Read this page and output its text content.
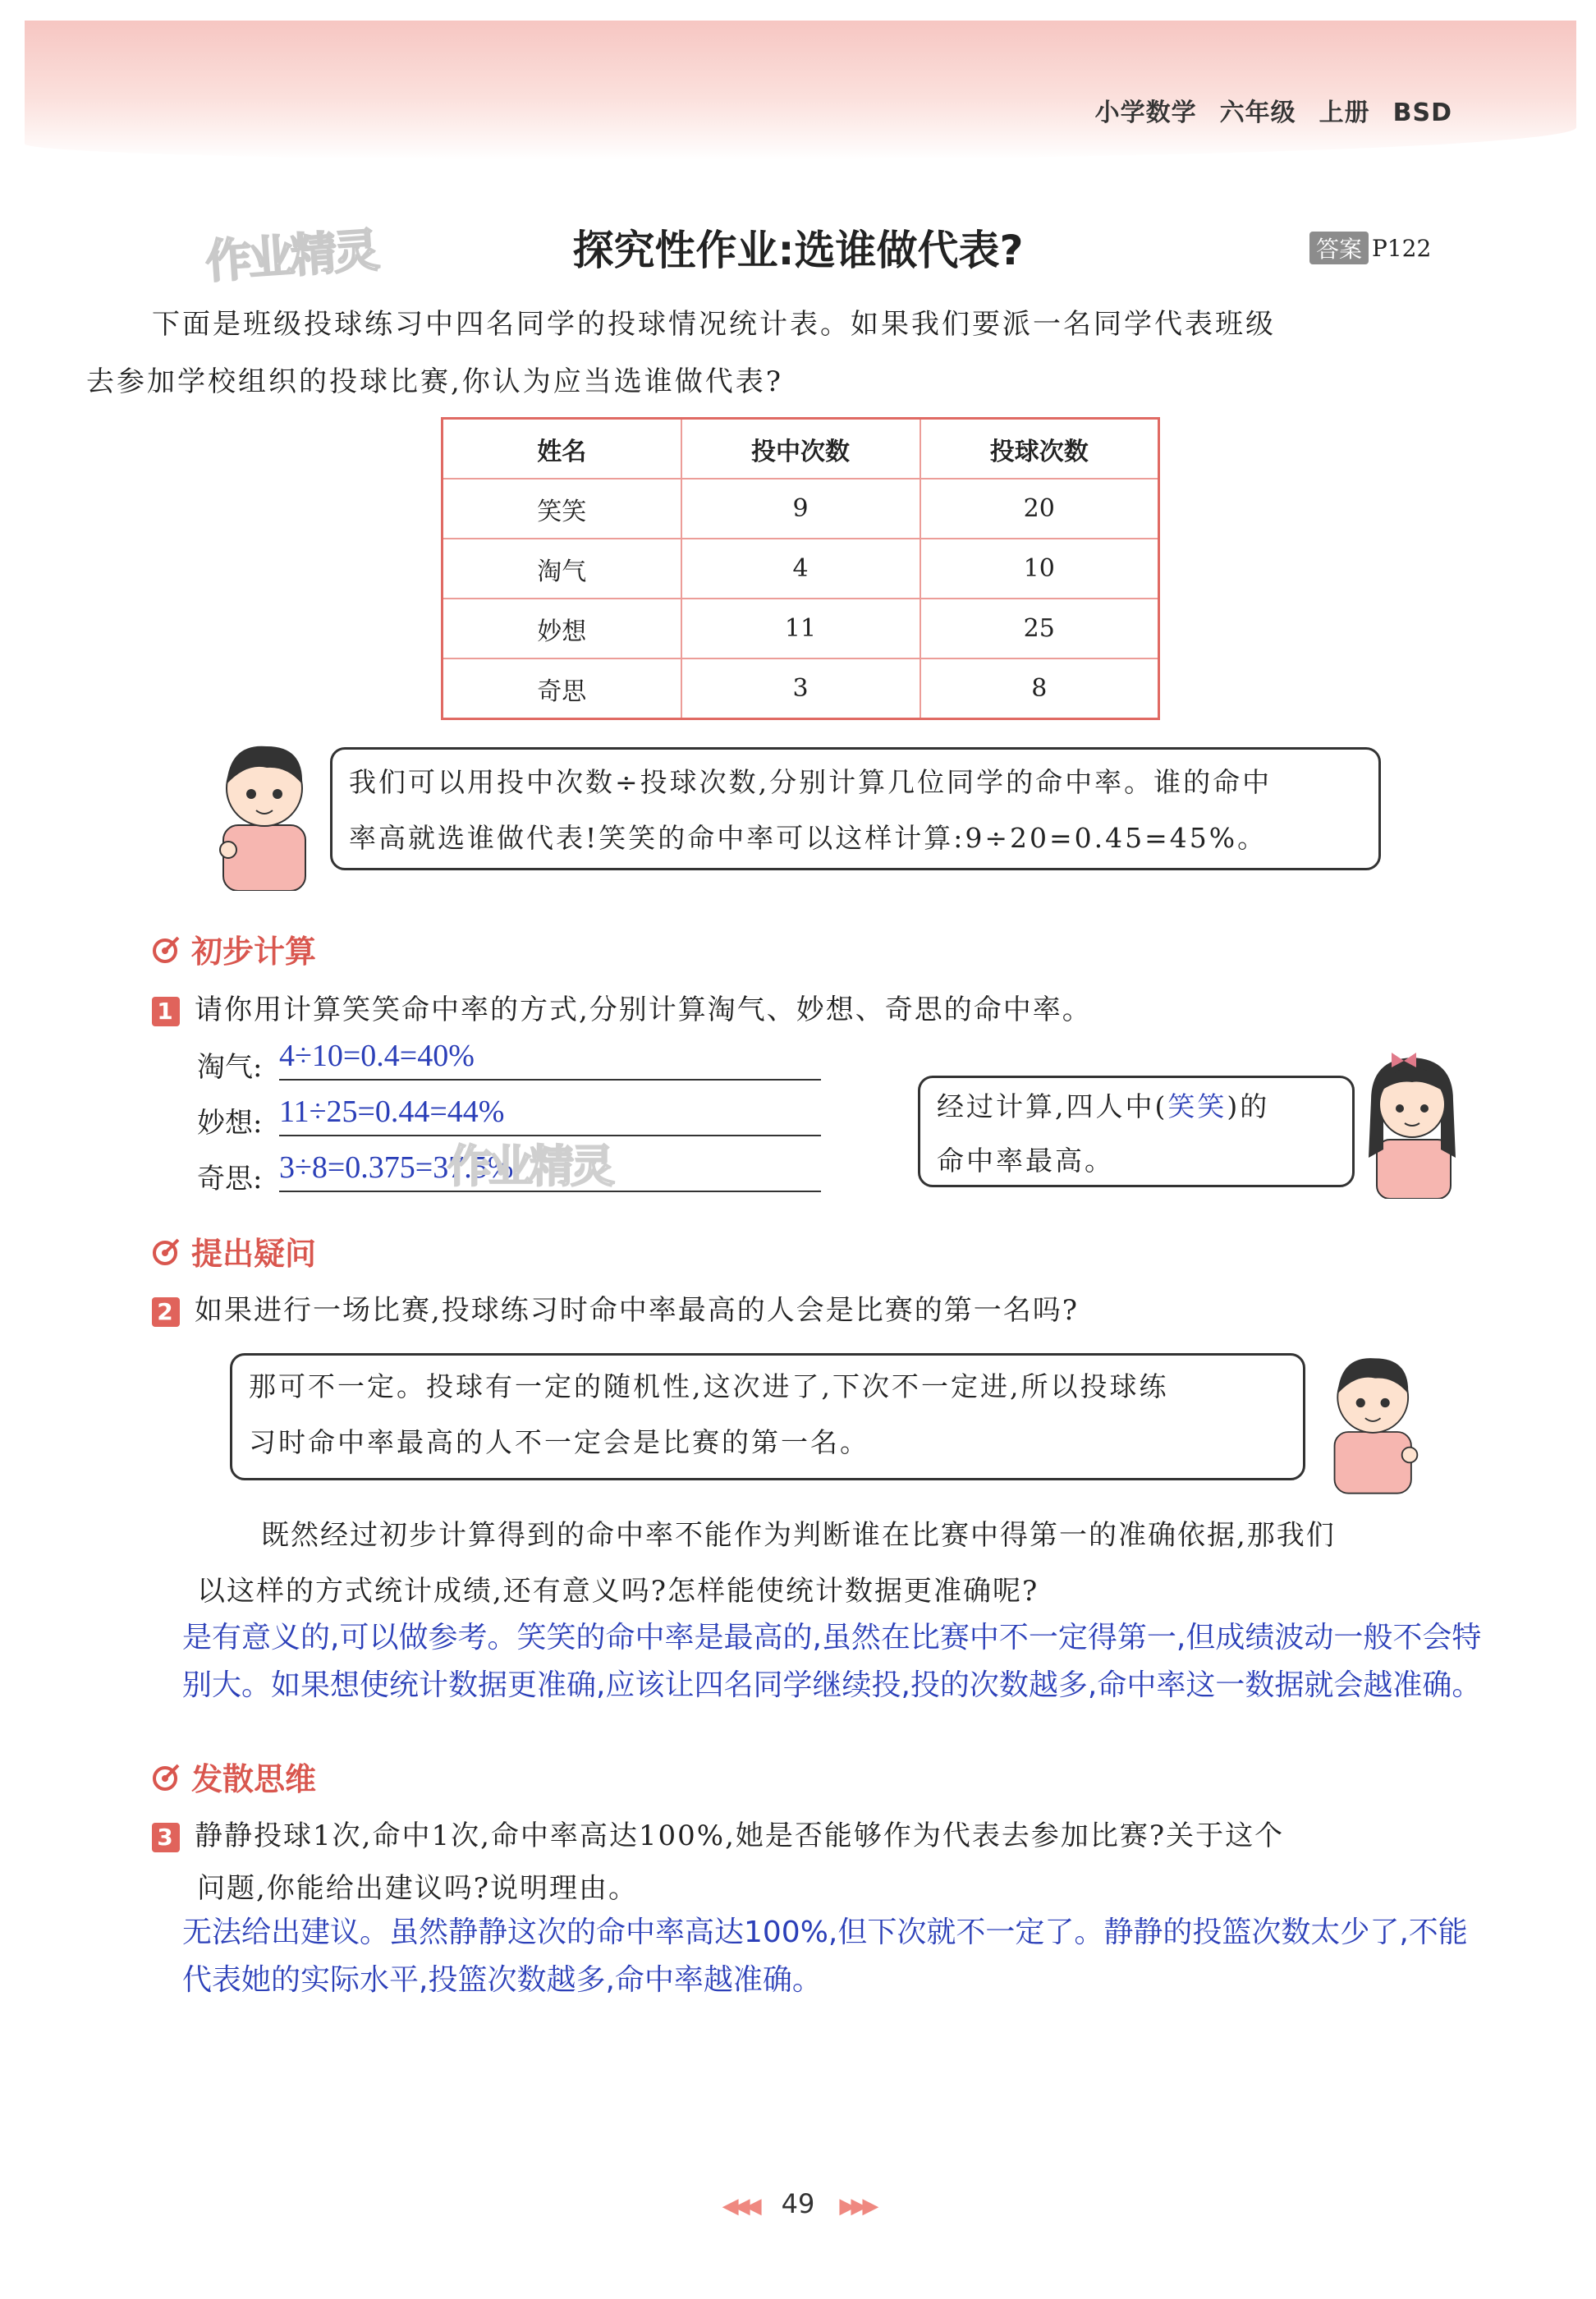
小学数学 六年级 上册 BSD
作业精灵	探究性作业:选谁做代表?	答案 P122
下面是班级投球练习中四名同学的投球情况统计表。如果我们要派一名同学代表班级
去参加学校组织的投球比赛,你认为应当选谁做代表?
姓名	投中次数	投球次数
笑笑	9	20
淘气	4	10
妙想	11	25
奇思	3	8
我们可以用投中次数÷投球次数,分别计算几位同学的命中率。谁的命中
率高就选谁做代表!笑笑的命中率可以这样计算:9÷20=0.45=45%。
初步计算
1 请你用计算笑笑命中率的方式,分别计算淘气、妙想、奇思的命中率。
淘气: 4÷10=0.4=40%
妙想: 11÷25=0.44=44%
奇思: 3÷8=0.375=37.5%
作业精灵
经过计算,四人中(笑笑)的
命中率最高。
提出疑问
2 如果进行一场比赛,投球练习时命中率最高的人会是比赛的第一名吗?
那可不一定。投球有一定的随机性,这次进了,下次不一定进,所以投球练
习时命中率最高的人不一定会是比赛的第一名。
既然经过初步计算得到的命中率不能作为判断谁在比赛中得第一的准确依据,那我们
以这样的方式统计成绩,还有意义吗?怎样能使统计数据更准确呢?
是有意义的,可以做参考。笑笑的命中率是最高的,虽然在比赛中不一定得第一,但成绩波动一般不会特别大。如果想使统计数据更准确,应该让四名同学继续投,投的次数越多,命中率这一数据就会越准确。
发散思维
3 静静投球1次,命中1次,命中率高达100%,她是否能够作为代表去参加比赛?关于这个
问题,你能给出建议吗?说明理由。
无法给出建议。虽然静静这次的命中率高达100%,但下次就不一定了。静静的投篮次数太少了,不能代表她的实际水平,投篮次数越多,命中率越准确。
◀◀◀ 49 ▶▶▶
